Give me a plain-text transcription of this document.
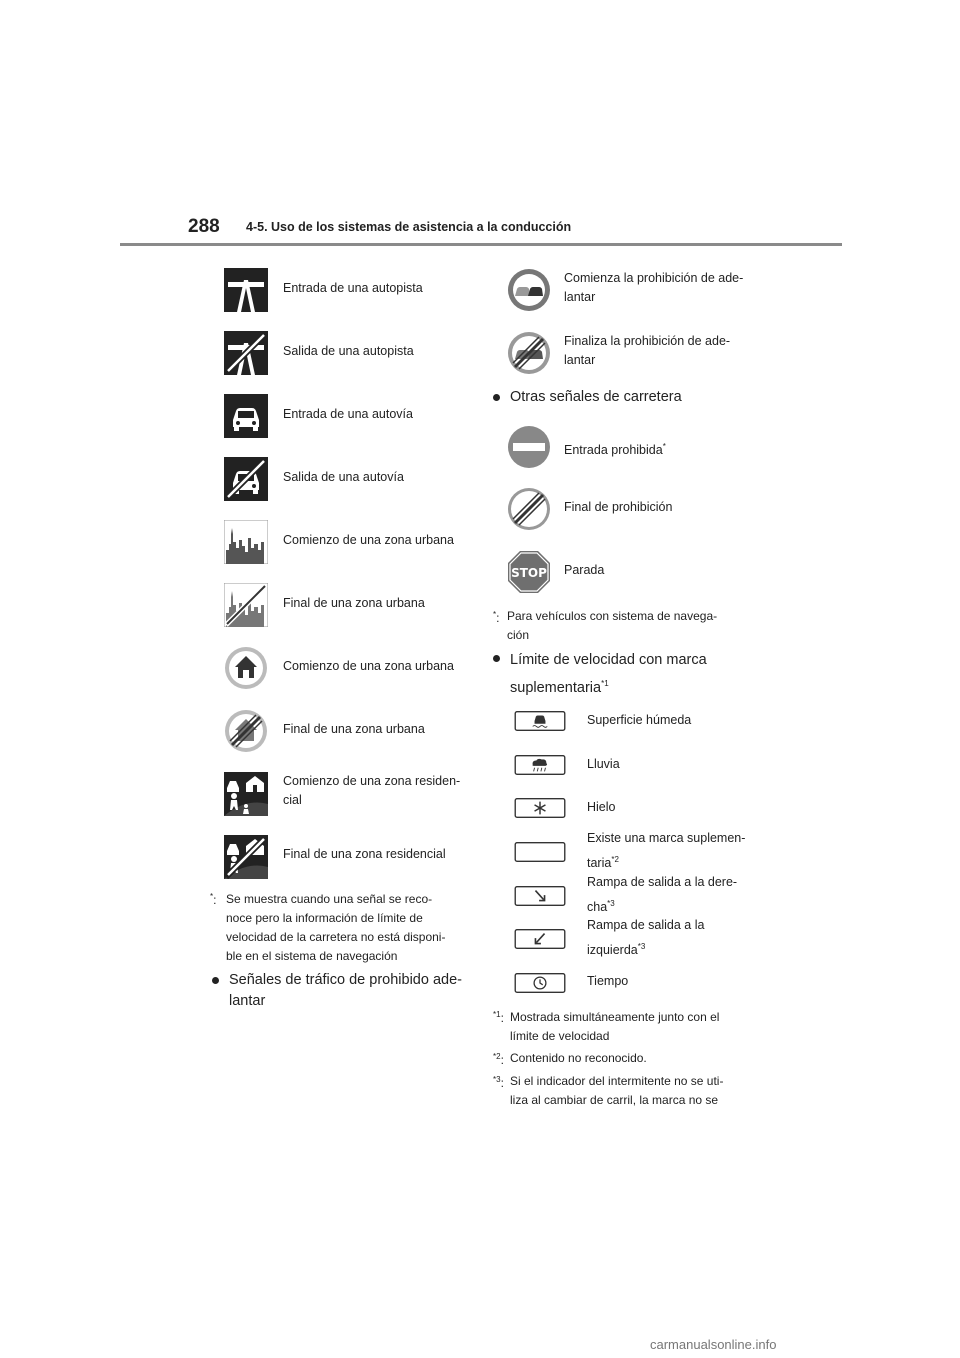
288 4-5. Uso de los sistemas de asistencia a la conducción
Entrada de una autopista
Salida de una autopista
Entrada de una autovía
Salida de una autovía
Comienzo de una zona urbana
Final de una zona urbana
Comienzo de una zona urbana
Final de una zona urbana
Comienzo de una zona residen-
cial
Final de una zona residencial
*: Se muestra cuando una señal se reco-
noce pero la información de límite de
velocidad de la carretera no está disponi-
ble en el sistema de navegación
Señales de tráfico de prohibido ade-
lantar
Comienza la prohibición de ade-
lantar
Finaliza la prohibición de ade-
lantar
Otras señales de carretera
Entrada prohibida*
Final de prohibición
STOP Parada
*: Para vehículos con sistema de navega-
ción
Límite de velocidad con marca
suplementaria$^{*1}$
Superficie húmeda
Lluvia
Hielo
Existe una marca suplemen-
taria$^{*2}$
Rampa de salida a la dere-
cha$^{*3}$
Rampa de salida a la
izquierda$^{*3}$
Tiempo
$^{*1}$: Mostrada simultáneamente junto con el
límite de velocidad
$^{*2}$: Contenido no reconocido.
$^{*3}$: Si el indicador del intermitente no se uti-
liza al cambiar de carril, la marca no se
carmanualsonline.info
